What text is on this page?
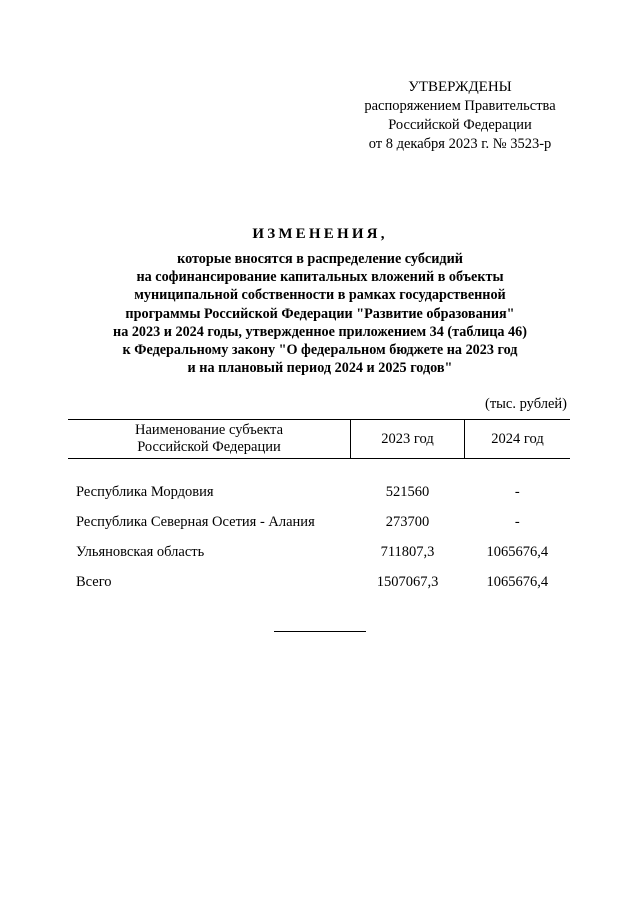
УТВЕРЖДЕНЫ
распоряжением Правительства
Российской Федерации
от 8 декабря 2023 г. № 3523-р
ИЗМЕНЕНИЯ,
которые вносятся в распределение субсидий
на софинансирование капитальных вложений в объекты
муниципальной собственности в рамках государственной
программы Российской Федерации "Развитие образования"
на 2023 и 2024 годы, утвержденное приложением 34 (таблица 46)
к Федеральному закону "О федеральном бюджете на 2023 год
и на плановый период 2024 и 2025 годов"
(тыс. рублей)
Наименование субъекта
Российской Федерации	2023 год	2024 год
Республика Мордовия	521560	-
Республика Северная Осетия - Алания	273700	-
Ульяновская область	711807,3	1065676,4
Всего	1507067,3	1065676,4
